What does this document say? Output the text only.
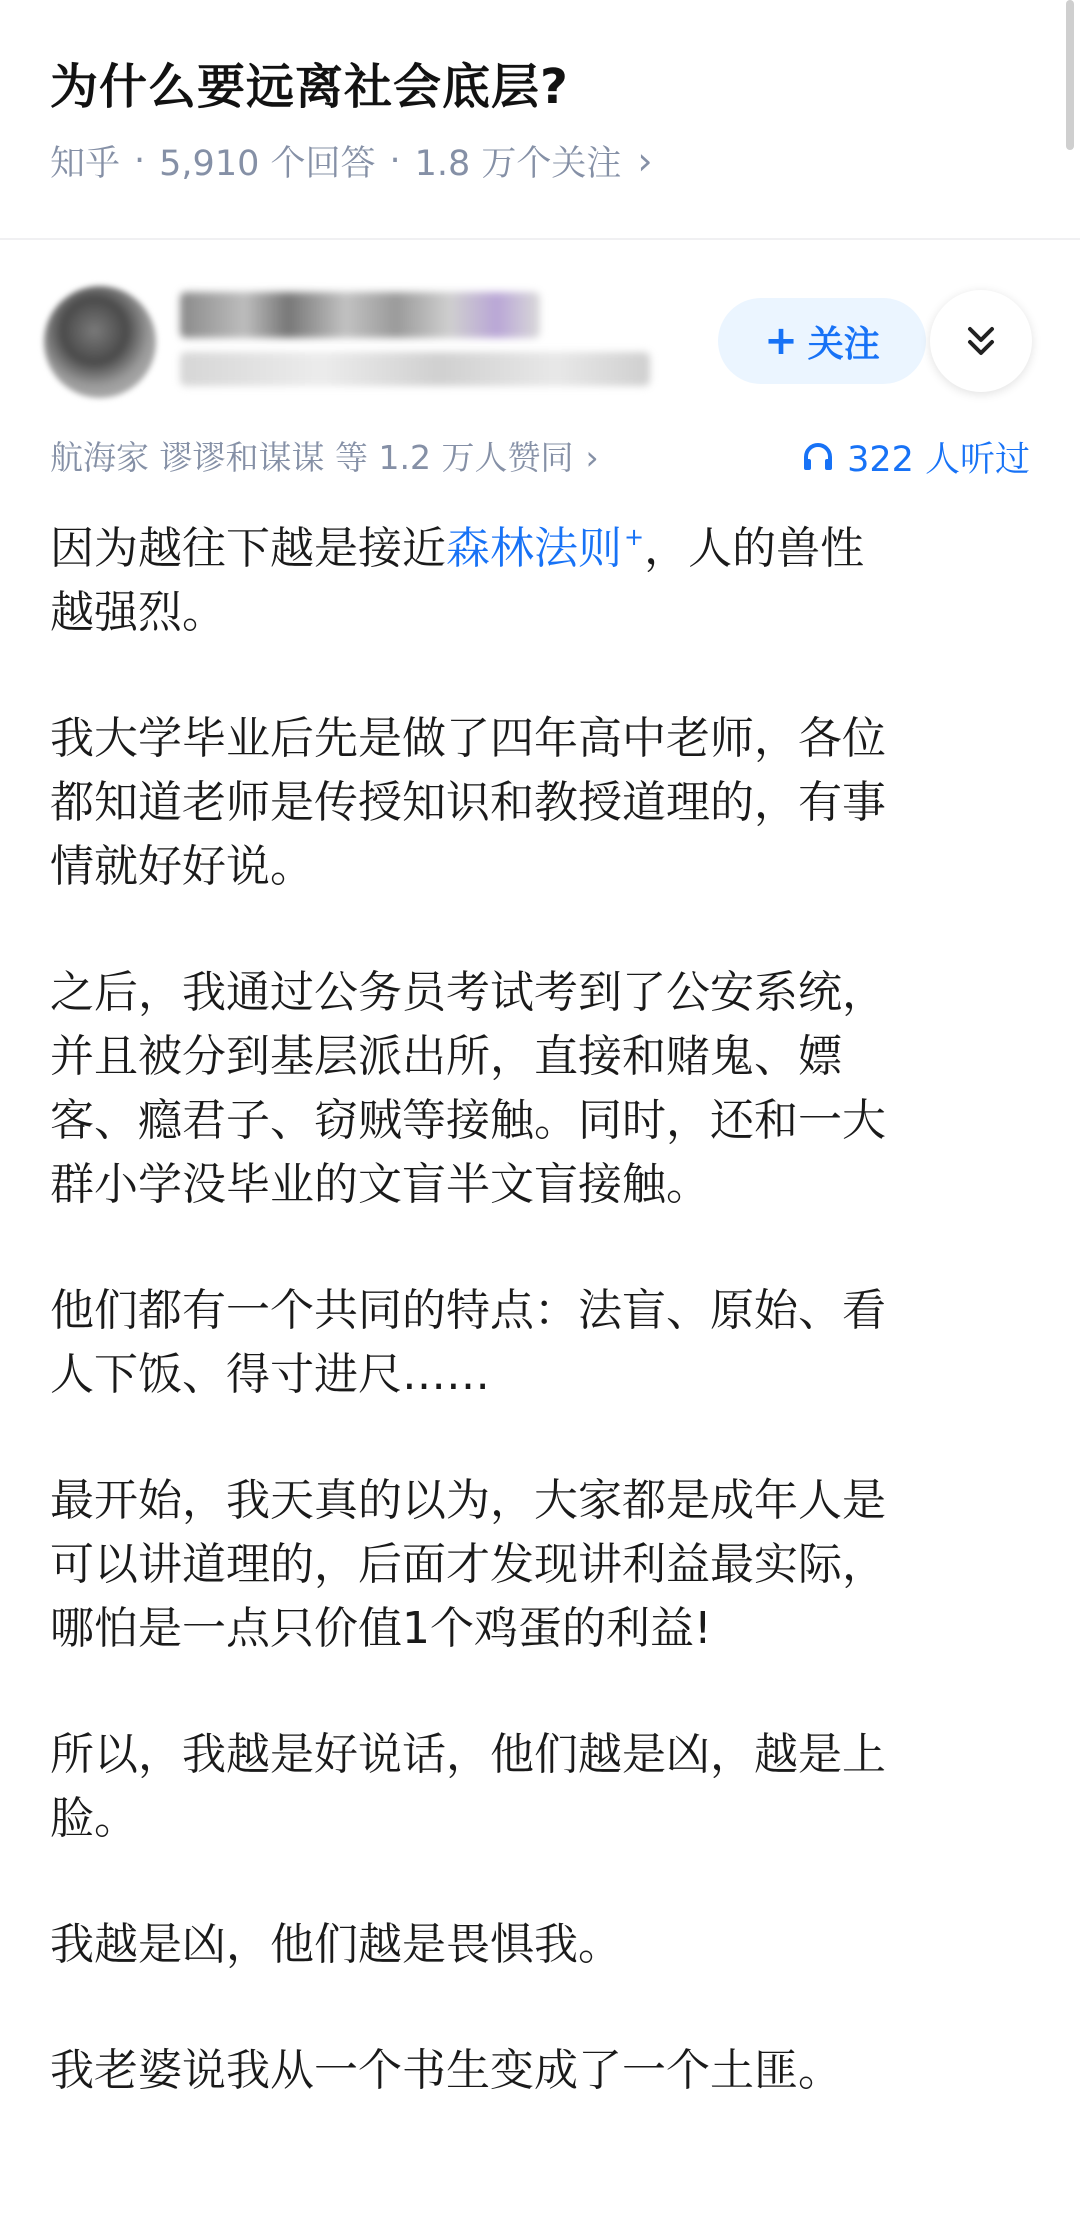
为什么要远离社会底层?
知乎 · 5,910 个回答 · 1.8 万个关注 ›
+ 关注
航海家 谬谬和谋谋 等 1.2 万人赞同 ›	322 人听过
因为越往下越是接近森林法则+，人的兽性
越强烈。
我大学毕业后先是做了四年高中老师，各位
都知道老师是传授知识和教授道理的，有事
情就好好说。
之后，我通过公务员考试考到了公安系统，
并且被分到基层派出所，直接和赌鬼、嫖
客、瘾君子、窃贼等接触。同时，还和一大
群小学没毕业的文盲半文盲接触。
他们都有一个共同的特点：法盲、原始、看
人下饭、得寸进尺……
最开始，我天真的以为，大家都是成年人是
可以讲道理的，后面才发现讲利益最实际，
哪怕是一点只价值1个鸡蛋的利益!
所以，我越是好说话，他们越是凶，越是上
脸。
我越是凶，他们越是畏惧我。
我老婆说我从一个书生变成了一个土匪。
